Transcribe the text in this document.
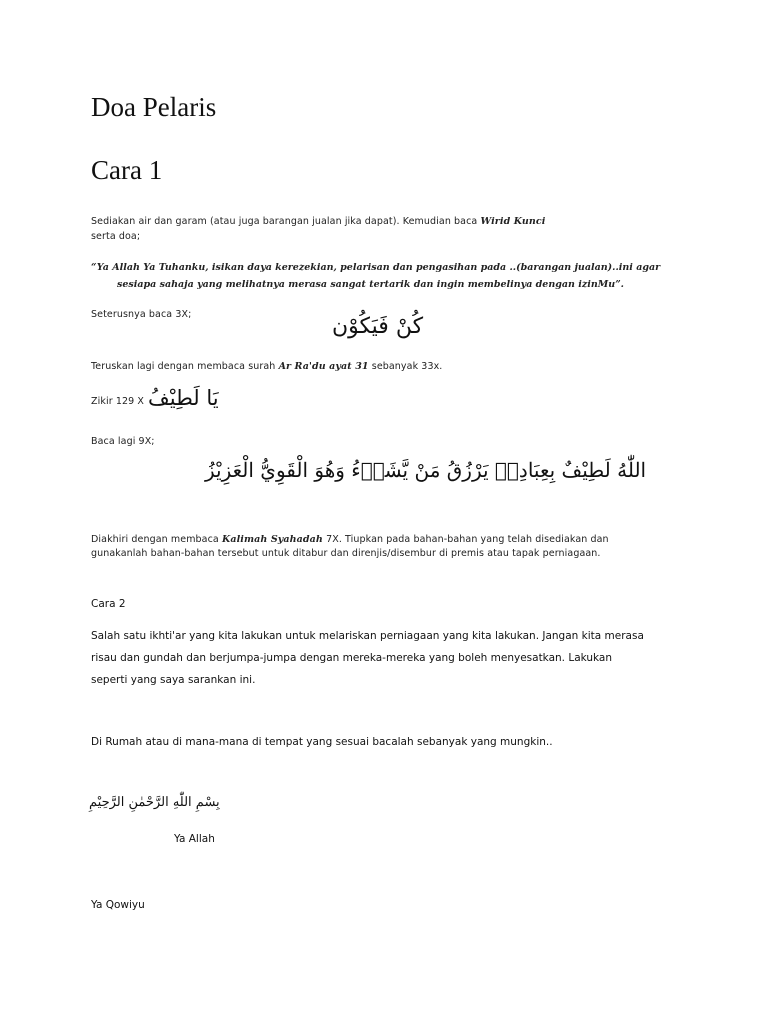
Doa Pelaris
Cara 1
Sediakan air dan garam (atau juga barangan jualan jika dapat). Kemudian baca Wirid Kunci
serta doa;
“Ya Allah Ya Tuhanku, isikan daya kerezekian, pelarisan dan pengasihan pada ..(barangan jualan)..ini agar
sesiapa sahaja yang melihatnya merasa sangat tertarik dan ingin membelinya dengan izinMu”.
Seterusnya baca 3X;	كُنْ فَيَكُوْن
Teruskan lagi dengan membaca surah Ar Ra'du ayat 31 sebanyak 33x.
Zikir 129 X يَا لَطِيْفُ
Baca lagi 9X;
اللّٰهُ لَطِيْفٌ بِعِبَادِهٖ يَرْزُقُ مَنْ يَّشَاۤءُ وَهُوَ الْقَوِيُّ الْعَزِيْزُ
Diakhiri dengan membaca Kalimah Syahadah 7X. Tiupkan pada bahan-bahan yang telah disediakan dan
gunakanlah bahan-bahan tersebut untuk ditabur dan direnjis/disembur di premis atau tapak perniagaan.
Cara 2
Salah satu ikhti'ar yang kita lakukan untuk melariskan perniagaan yang kita lakukan. Jangan kita merasa
risau dan gundah dan berjumpa-jumpa dengan mereka-mereka yang boleh menyesatkan. Lakukan
seperti yang saya sarankan ini.
Di Rumah atau di mana-mana di tempat yang sesuai bacalah sebanyak yang mungkin..
بِسْمِ اللّٰهِ الرَّحْمٰنِ الرَّحِيْمِ
Ya Allah
Ya Qowiyu
